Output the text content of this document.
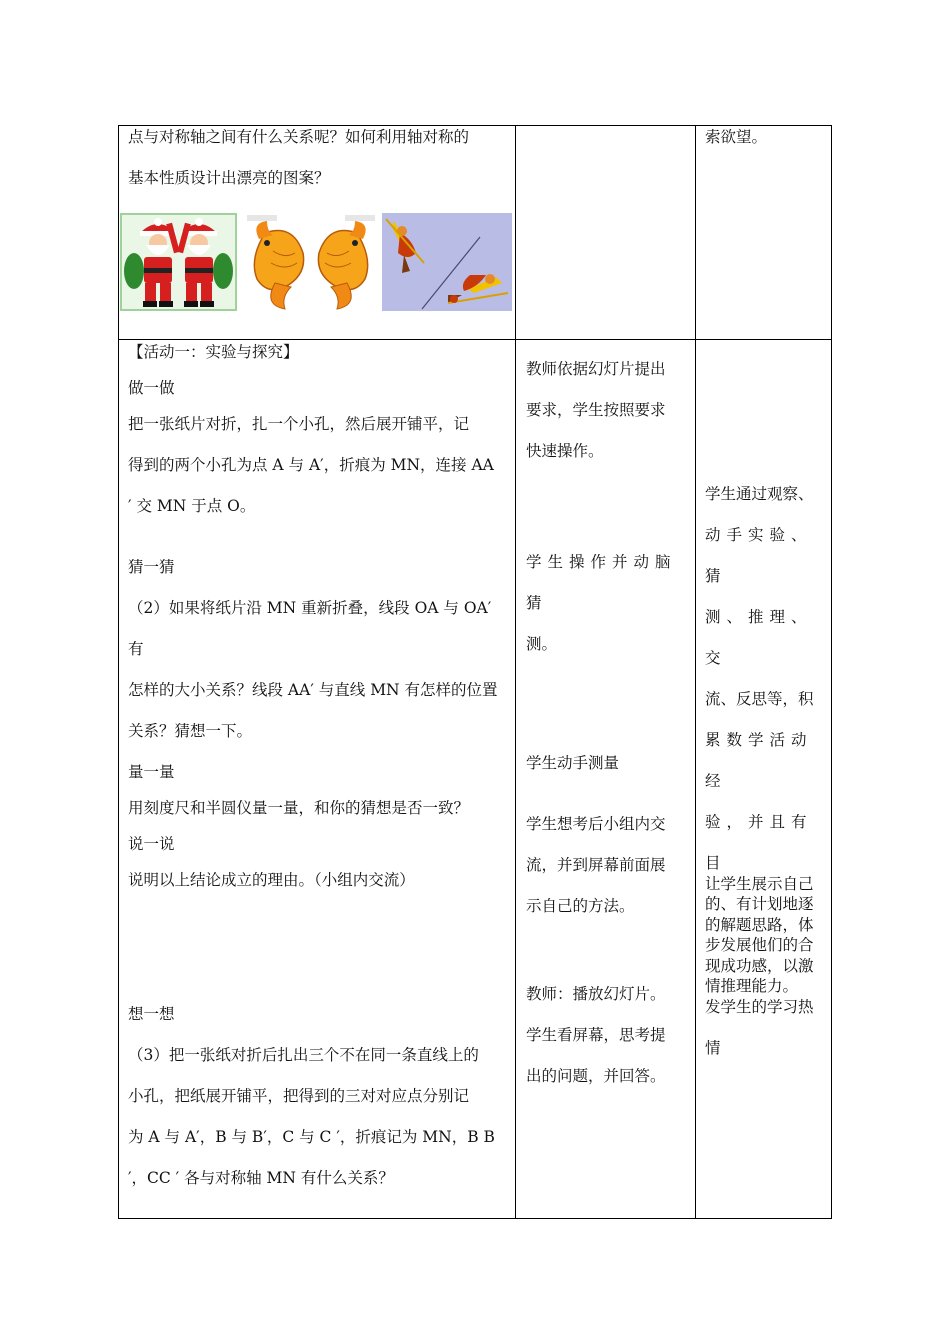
点与对称轴之间有什么关系呢？如何利用轴对称的

基本性质设计出漂亮的图案？

索欲望。

【活动一：实验与探究】

做一做

把一张纸片对折，扎一个小孔，然后展开铺平，记

得到的两个小孔为点 A 与 A′，折痕为 MN，连接 AA

′ 交 MN 于点 O。

猜一猜

（2）如果将纸片沿 MN 重新折叠，线段 OA 与 OA′ 有

怎样的大小关系？线段 AA′ 与直线 MN 有怎样的位置

关系？猜想一下。

量一量

用刻度尺和半圆仪量一量，和你的猜想是否一致？

说一说

说明以上结论成立的理由。（小组内交流）

想一想

（3）把一张纸对折后扎出三个不在同一条直线上的

小孔，把纸展开铺平，把得到的三对对应点分别记

为 A 与 A′，B 与 B′，C 与 C ′，折痕记为 MN，B B

′，CC ′ 各与对称轴 MN 有什么关系？

教师依据幻灯片提出

要求，学生按照要求

快速操作。

学生操作并动脑猜

测。

学生动手测量

学生想考后小组内交

流，并到屏幕前面展

示自己的方法。

教师：播放幻灯片。

学生看屏幕，思考提

出的问题，并回答。

学生通过观察、

动手实验、猜

测、推理、交

流、反思等，积

累数学活动经

验，并且有目

的、有计划地逐

步发展他们的合

情推理能力。

让学生展示自己

的解题思路，体

现成功感，以激

发学生的学习热

情
